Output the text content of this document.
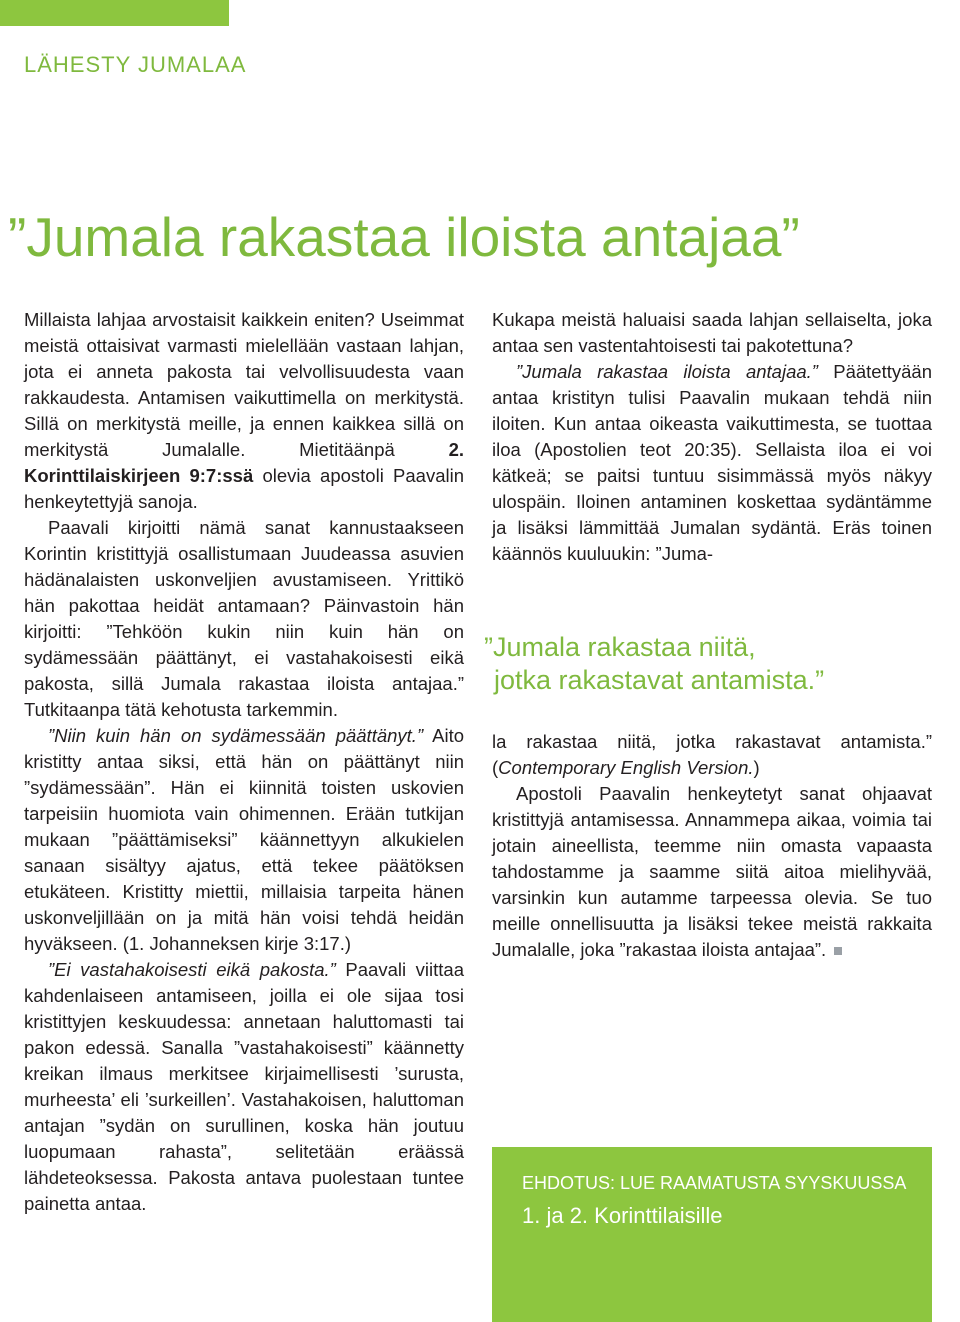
LÄHESTY JUMALAA
”Jumala rakastaa iloista antajaa”

Millaista lahjaa arvostaisit kaikkein eniten? Useimmat meistä ottaisivat varmasti mielellään vastaan lahjan, jota ei anneta pakosta tai velvollisuudesta vaan rakkaudesta. Antamisen vaikuttimella on merkitystä. Sillä on merkitystä meille, ja ennen kaikkea sillä on merkitystä Jumalalle. Mietitäänpä 2. Korinttilaiskirjeen 9:7:ssä olevia apostoli Paavalin henkeytettyjä sanoja.

Paavali kirjoitti nämä sanat kannustaakseen Korintin kristittyjä osallistumaan Juudeassa asuvien hädänalaisten uskonveljien avustamiseen. Yrittikö hän pakottaa heidät antamaan? Päinvastoin hän kirjoitti: ”Tehköön kukin niin kuin hän on sydämessään päättänyt, ei vastahakoisesti eikä pakosta, sillä Jumala rakastaa iloista antajaa.” Tutkitaanpa tätä kehotusta tarkemmin.

”Niin kuin hän on sydämessään päättänyt.” Aito kristitty antaa siksi, että hän on päättänyt niin ”sydämessään”. Hän ei kiinnitä toisten uskovien tarpeisiin huomiota vain ohimennen. Erään tutkijan mukaan ”päättämiseksi” käännettyyn alkukielen sanaan sisältyy ajatus, että tekee päätöksen etukäteen. Kristitty miettii, millaisia tarpeita hänen uskonveljillään on ja mitä hän voisi tehdä heidän hyväkseen. (1. Johanneksen kirje 3:17.)

”Ei vastahakoisesti eikä pakosta.” Paavali viittaa kahdenlaiseen antamiseen, joilla ei ole sijaa tosi kristittyjen keskuudessa: annetaan haluttomasti tai pakon edessä. Sanalla ”vastahakoisesti” käännetty kreikan ilmaus merkitsee kirjaimellisesti ’surusta, murheesta’ eli ’surkeillen’. Vastahakoisen, haluttoman antajan ”sydän on surullinen, koska hän joutuu luopumaan rahasta”, selitetään eräässä lähdeteoksessa. Pakosta antava puolestaan tuntee painetta antaa.

Kukapa meistä haluaisi saada lahjan sellaiselta, joka antaa sen vastentahtoisesti tai pakotettuna?

”Jumala rakastaa iloista antajaa.” Päätettyään antaa kristityn tulisi Paavalin mukaan tehdä niin iloiten. Kun antaa oikeasta vaikuttimesta, se tuottaa iloa (Apostolien teot 20:35). Sellaista iloa ei voi kätkeä; se paitsi tuntuu sisimmässä myös näkyy ulospäin. Iloinen antaminen koskettaa sydäntämme ja lisäksi lämmittää Jumalan sydäntä. Eräs toinen käännös kuuluukin: ”Juma-

”Jumala rakastaa niitä,
jotka rakastavat antamista.”

la rakastaa niitä, jotka rakastavat antamista.” (Contemporary English Version.)

Apostoli Paavalin henkeytetyt sanat ohjaavat kristittyjä antamisessa. Annammepa aikaa, voimia tai jotain aineellista, teemme niin omasta vapaasta tahdostamme ja saamme siitä aitoa mielihyvää, varsinkin kun autamme tarpeessa olevia. Se tuo meille onnellisuutta ja lisäksi tekee meistä rakkaita Jumalalle, joka ”rakastaa iloista antajaa”.

EHDOTUS: LUE RAAMATUSTA SYYSKUUSSA
1. ja 2. Korinttilaisille
